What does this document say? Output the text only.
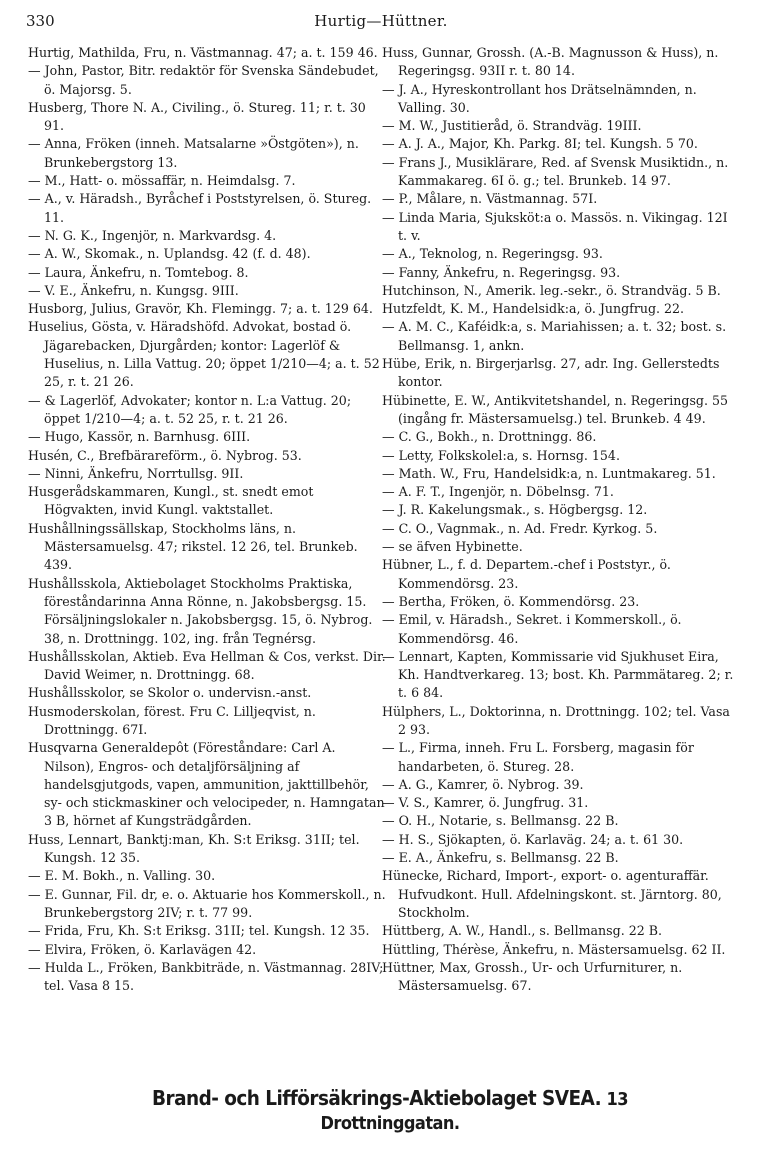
330	Hurtig—Hüttner.

Hurtig, Mathilda, Fru, n. Västmannag. 47; a. t. 159 46.

— John, Pastor, Bitr. redaktör för Svenska Sändebudet, ö. Majorsg. 5.

Husberg, Thore N. A., Civiling., ö. Stureg. 11; r. t. 30 91.

— Anna, Fröken (inneh. Matsalarne »Östgöten»), n. Brunkebergstorg 13.

— M., Hatt- o. mössaffär, n. Heimdalsg. 7.

— A., v. Häradsh., Byråchef i Poststyrelsen, ö. Stureg. 11.

— N. G. K., Ingenjör, n. Markvardsg. 4.

— A. W., Skomak., n. Uplandsg. 42 (f. d. 48).

— Laura, Änkefru, n. Tomtebog. 8.

— V. E., Änkefru, n. Kungsg. 9III.

Husborg, Julius, Gravör, Kh. Flemingg. 7; a. t. 129 64.

Huselius, Gösta, v. Häradshöfd. Advokat, bostad ö. Jägarebacken, Djurgården; kontor: Lagerlöf & Huselius, n. Lilla Vattug. 20; öppet 1/210—4; a. t. 52 25, r. t. 21 26.

— & Lagerlöf, Advokater; kontor n. L:a Vattug. 20; öppet 1/210—4; a. t. 52 25, r. t. 21 26.

— Hugo, Kassör, n. Barnhusg. 6III.

Husén, C., Brefbärareförm., ö. Nybrog. 53.

— Ninni, Änkefru, Norrtullsg. 9II.

Husgerådskammaren, Kungl., st. snedt emot Högvakten, invid Kungl. vaktstallet.

Hushållningssällskap, Stockholms läns, n. Mästersamuelsg. 47; rikstel. 12 26, tel. Brunkeb. 439.

Hushållsskola, Aktiebolaget Stockholms Praktiska, föreståndarinna Anna Rönne, n. Jakobsbergsg. 15. Försäljningslokaler n. Jakobsbergsg. 15, ö. Nybrog. 38, n. Drottningg. 102, ing. från Tegnérsg.

Hushållsskolan, Aktieb. Eva Hellman & Cos, verkst. Dir. David Weimer, n. Drottningg. 68.

Hushållsskolor, se Skolor o. undervisn.-anst.

Husmoderskolan, förest. Fru C. Lilljeqvist, n. Drottningg. 67I.

Husqvarna Generaldepôt (Föreståndare: Carl A. Nilson), Engros- och detaljförsäljning af handelsgjutgods, vapen, ammunition, jakttillbehör, sy- och stickmaskiner och velocipeder, n. Hamngatan 3 B, hörnet af Kungsträdgården.

Huss, Lennart, Banktj:man, Kh. S:t Eriksg. 31II; tel. Kungsh. 12 35.

— E. M. Bokh., n. Valling. 30.

— E. Gunnar, Fil. dr, e. o. Aktuarie hos Kommerskoll., n. Brunkebergstorg 2IV; r. t. 77 99.

— Frida, Fru, Kh. S:t Eriksg. 31II; tel. Kungsh. 12 35.

— Elvira, Fröken, ö. Karlavägen 42.

— Hulda L., Fröken, Bankbiträde, n. Västmannag. 28IV; tel. Vasa 8 15.

Huss, Gunnar, Grossh. (A.-B. Magnusson & Huss), n. Regeringsg. 93II r. t. 80 14.

— J. A., Hyreskontrollant hos Drätselnämnden, n. Valling. 30.

— M. W., Justitieråd, ö. Strandväg. 19III.

— A. J. A., Major, Kh. Parkg. 8I; tel. Kungsh. 5 70.

— Frans J., Musiklärare, Red. af Svensk Musiktidn., n. Kammakareg. 6I ö. g.; tel. Brunkeb. 14 97.

— P., Målare, n. Västmannag. 57I.

— Linda Maria, Sjuksköt:a o. Massös. n. Vikingag. 12I t. v.

— A., Teknolog, n. Regeringsg. 93.

— Fanny, Änkefru, n. Regeringsg. 93.

Hutchinson, N., Amerik. leg.-sekr., ö. Strandväg. 5 B.

Hutzfeldt, K. M., Handelsidk:a, ö. Jungfrug. 22.

— A. M. C., Kaféidk:a, s. Mariahissen; a. t. 32; bost. s. Bellmansg. 1, ankn.

Hübe, Erik, n. Birgerjarlsg. 27, adr. Ing. Gellerstedts kontor.

Hübinette, E. W., Antikvitetshandel, n. Regeringsg. 55 (ingång fr. Mästersamuelsg.) tel. Brunkeb. 4 49.

— C. G., Bokh., n. Drottningg. 86.

— Letty, Folkskolel:a, s. Hornsg. 154.

— Math. W., Fru, Handelsidk:a, n. Luntmakareg. 51.

— A. F. T., Ingenjör, n. Döbelnsg. 71.

— J. R. Kakelungsmak., s. Högbergsg. 12.

— C. O., Vagnmak., n. Ad. Fredr. Kyrkog. 5.

— se äfven Hybinette.

Hübner, L., f. d. Departem.-chef i Poststyr., ö. Kommendörsg. 23.

— Bertha, Fröken, ö. Kommendörsg. 23.

— Emil, v. Häradsh., Sekret. i Kommerskoll., ö. Kommendörsg. 46.

— Lennart, Kapten, Kommissarie vid Sjukhuset Eira, Kh. Handtverkareg. 13; bost. Kh. Parmmätareg. 2; r. t. 6 84.

Hülphers, L., Doktorinna, n. Drottningg. 102; tel. Vasa 2 93.

— L., Firma, inneh. Fru L. Forsberg, magasin för handarbeten, ö. Stureg. 28.

— A. G., Kamrer, ö. Nybrog. 39.

— V. S., Kamrer, ö. Jungfrug. 31.

— O. H., Notarie, s. Bellmansg. 22 B.

— H. S., Sjökapten, ö. Karlaväg. 24; a. t. 61 30.

— E. A., Änkefru, s. Bellmansg. 22 B.

Hünecke, Richard, Import-, export- o. agenturaffär. Hufvudkont. Hull. Afdelningskont. st. Järntorg. 80, Stockholm.

Hüttberg, A. W., Handl., s. Bellmansg. 22 B.

Hüttling, Thérèse, Änkefru, n. Mästersamuelsg. 62 II.

Hüttner, Max, Grossh., Ur- och Urfurniturer, n. Mästersamuelsg. 67.

Brand- och Lifförsäkrings-Aktiebolaget SVEA. 13 Drottninggatan.
